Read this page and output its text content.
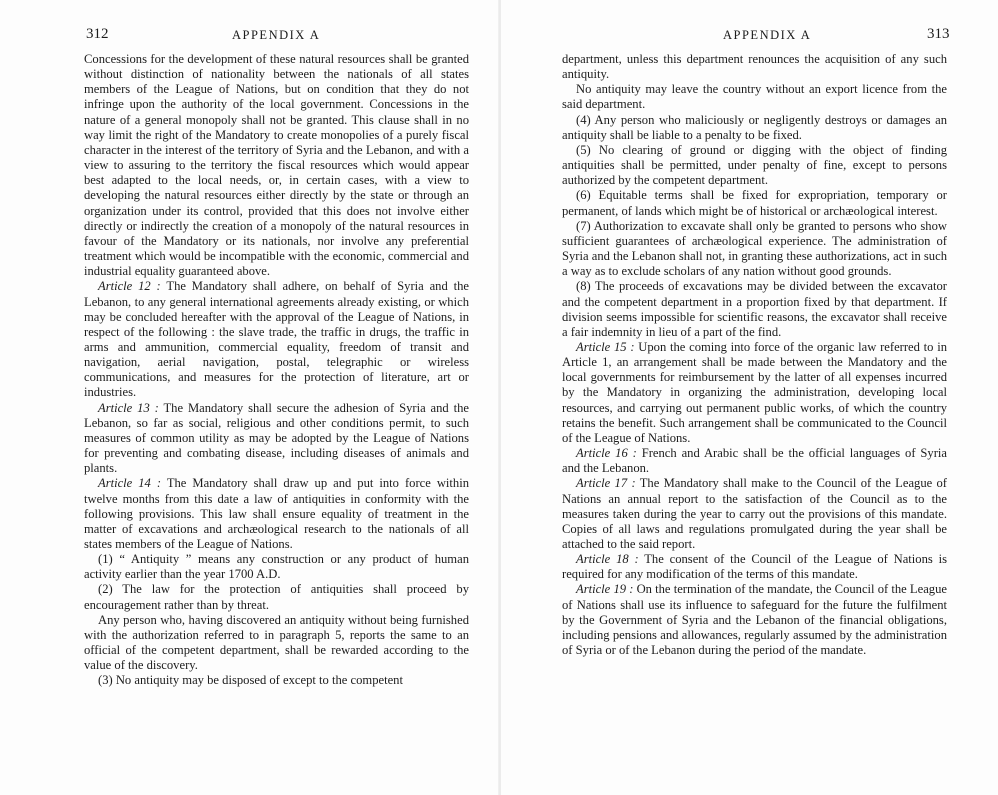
312	APPENDIX A

Concessions for the development of these natural resources shall be granted without distinction of nationality between the nationals of all states members of the League of Nations, but on condition that they do not infringe upon the authority of the local government. Concessions in the nature of a general monopoly shall not be granted. This clause shall in no way limit the right of the Mandatory to create monopolies of a purely fiscal character in the interest of the territory of Syria and the Lebanon, and with a view to assuring to the territory the fiscal resources which would appear best adapted to the local needs, or, in certain cases, with a view to developing the natural resources either directly by the state or through an organization under its control, provided that this does not involve either directly or indirectly the creation of a monopoly of the natural resources in favour of the Mandatory or its nationals, nor involve any preferential treatment which would be incompatible with the economic, commercial and industrial equality guaranteed above.

Article 12 : The Mandatory shall adhere, on behalf of Syria and the Lebanon, to any general international agreements already existing, or which may be concluded hereafter with the approval of the League of Nations, in respect of the following : the slave trade, the traffic in drugs, the traffic in arms and ammunition, commercial equality, freedom of transit and navigation, aerial navigation, postal, telegraphic or wireless communications, and measures for the protection of literature, art or industries.

Article 13 : The Mandatory shall secure the adhesion of Syria and the Lebanon, so far as social, religious and other conditions permit, to such measures of common utility as may be adopted by the League of Nations for preventing and combating disease, including diseases of animals and plants.

Article 14 : The Mandatory shall draw up and put into force within twelve months from this date a law of antiquities in conformity with the following provisions. This law shall ensure equality of treatment in the matter of excavations and archæological research to the nationals of all states members of the League of Nations.

(1) “ Antiquity ” means any construction or any product of human activity earlier than the year 1700 A.D.

(2) The law for the protection of antiquities shall proceed by encouragement rather than by threat.

Any person who, having discovered an antiquity without being furnished with the authorization referred to in paragraph 5, reports the same to an official of the competent department, shall be rewarded according to the value of the discovery.

(3) No antiquity may be disposed of except to the competent

APPENDIX A	313

department, unless this department renounces the acquisition of any such antiquity.

No antiquity may leave the country without an export licence from the said department.

(4) Any person who maliciously or negligently destroys or damages an antiquity shall be liable to a penalty to be fixed.

(5) No clearing of ground or digging with the object of finding antiquities shall be permitted, under penalty of fine, except to persons authorized by the competent department.

(6) Equitable terms shall be fixed for expropriation, temporary or permanent, of lands which might be of historical or archæological interest.

(7) Authorization to excavate shall only be granted to persons who show sufficient guarantees of archæological experience. The administration of Syria and the Lebanon shall not, in granting these authorizations, act in such a way as to exclude scholars of any nation without good grounds.

(8) The proceeds of excavations may be divided between the excavator and the competent department in a proportion fixed by that department. If division seems impossible for scientific reasons, the excavator shall receive a fair indemnity in lieu of a part of the find.

Article 15 : Upon the coming into force of the organic law referred to in Article 1, an arrangement shall be made between the Mandatory and the local governments for reimbursement by the latter of all expenses incurred by the Mandatory in organizing the administration, developing local resources, and carrying out permanent public works, of which the country retains the benefit. Such arrangement shall be communicated to the Council of the League of Nations.

Article 16 : French and Arabic shall be the official languages of Syria and the Lebanon.

Article 17 : The Mandatory shall make to the Council of the League of Nations an annual report to the satisfaction of the Council as to the measures taken during the year to carry out the provisions of this mandate. Copies of all laws and regulations promulgated during the year shall be attached to the said report.

Article 18 : The consent of the Council of the League of Nations is required for any modification of the terms of this mandate.

Article 19 : On the termination of the mandate, the Council of the League of Nations shall use its influence to safeguard for the future the fulfilment by the Government of Syria and the Lebanon of the financial obligations, including pensions and allowances, regularly assumed by the administration of Syria or of the Lebanon during the period of the mandate.
